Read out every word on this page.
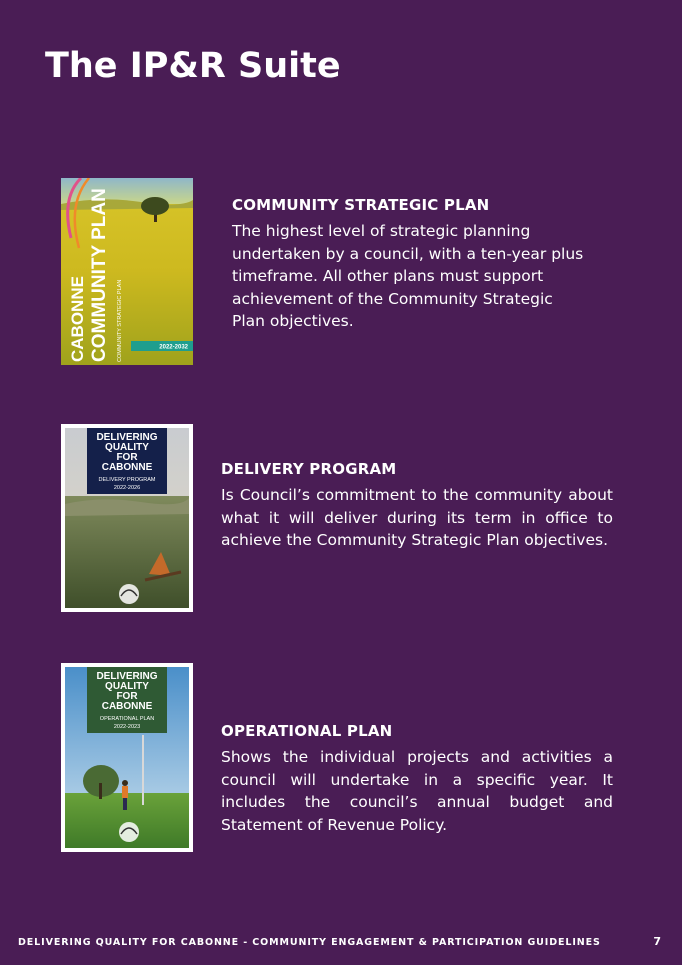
The IP&R Suite
2022-2032
CABONNE COMMUNITY PLAN COMMUNITY STRATEGIC PLAN
COMMUNITY STRATEGIC PLAN

The highest level of strategic planning undertaken by a council, with a ten-year plus timeframe. All other plans must support achievement of the Community Strategic
Plan objectives.

DELIVERING
QUALITY
FOR
CABONNE
DELIVERY PROGRAM
2022-2026
DELIVERY PROGRAM

Is Council’s commitment to the community about what it will deliver during its term in office to achieve the Community Strategic Plan objectives.

DELIVERING
QUALITY
FOR
CABONNE
OPERATIONAL PLAN
2022-2023	OPERATIONAL PLAN

Shows the individual projects and activities a council will undertake in a specific year. It includes the council’s annual budget and Statement of Revenue Policy.

DELIVERING QUALITY FOR CABONNE - COMMUNITY ENGAGEMENT & PARTICIPATION GUIDELINES	7
